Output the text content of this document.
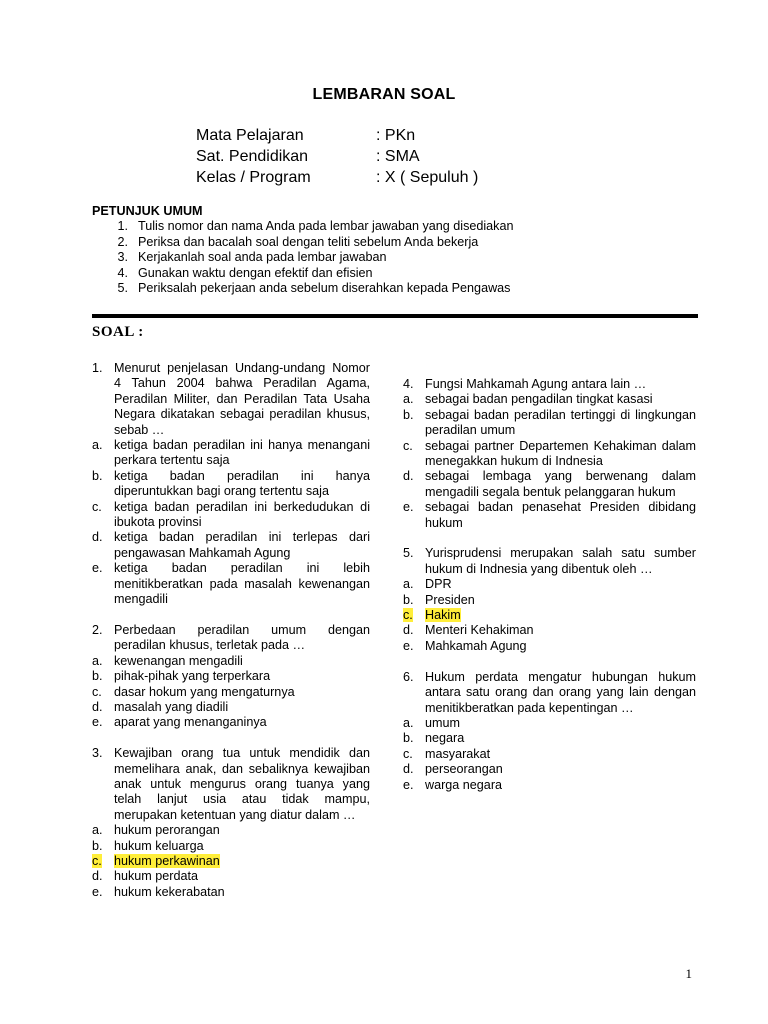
LEMBARAN SOAL
Mata Pelajaran	: PKn
Sat. Pendidikan	: SMA
Kelas / Program	: X ( Sepuluh )
PETUNJUK UMUM
1. Tulis nomor dan nama Anda pada lembar jawaban yang disediakan
2. Periksa dan bacalah soal dengan teliti sebelum Anda bekerja
3. Kerjakanlah soal anda pada lembar jawaban
4. Gunakan waktu dengan efektif dan efisien
5. Periksalah pekerjaan anda sebelum diserahkan kepada Pengawas
SOAL :
1. Menurut penjelasan Undang-undang Nomor 4 Tahun 2004 bahwa Peradilan Agama, Peradilan Militer, dan Peradilan Tata Usaha Negara dikatakan sebagai peradilan khusus, sebab …
a. ketiga badan peradilan ini hanya menangani perkara tertentu saja
b. ketiga badan peradilan ini hanya diperuntukkan bagi orang tertentu saja
c. ketiga badan peradilan ini berkedudukan di ibukota provinsi
d. ketiga badan peradilan ini terlepas dari pengawasan Mahkamah Agung
e. ketiga badan peradilan ini lebih menitikberatkan pada masalah kewenangan mengadili
2. Perbedaan peradilan umum dengan peradilan khusus, terletak pada …
a. kewenangan mengadili
b. pihak-pihak yang terperkara
c. dasar hokum yang mengaturnya
d. masalah yang diadili
e. aparat yang menanganinya
3. Kewajiban orang tua untuk mendidik dan memelihara anak, dan sebaliknya kewajiban anak untuk mengurus orang tuanya yang telah lanjut usia atau tidak mampu, merupakan ketentuan yang diatur dalam …
a. hukum perorangan
b. hukum keluarga
c. hukum perkawinan
d. hukum perdata
e. hukum kekerabatan
4. Fungsi Mahkamah Agung antara lain …
a. sebagai badan pengadilan tingkat kasasi
b. sebagai badan peradilan tertinggi di lingkungan peradilan umum
c. sebagai partner Departemen Kehakiman dalam menegakkan hukum di Indnesia
d. sebagai lembaga yang berwenang dalam mengadili segala bentuk pelanggaran hukum
e. sebagai badan penasehat Presiden dibidang hukum
5. Yurisprudensi merupakan salah satu sumber hukum di Indnesia yang dibentuk oleh …
a. DPR
b. Presiden
c. Hakim
d. Menteri Kehakiman
e. Mahkamah Agung
6. Hukum perdata mengatur hubungan hukum antara satu orang dan orang yang lain dengan menitikberatkan pada kepentingan …
a. umum
b. negara
c. masyarakat
d. perseorangan
e. warga negara
1
